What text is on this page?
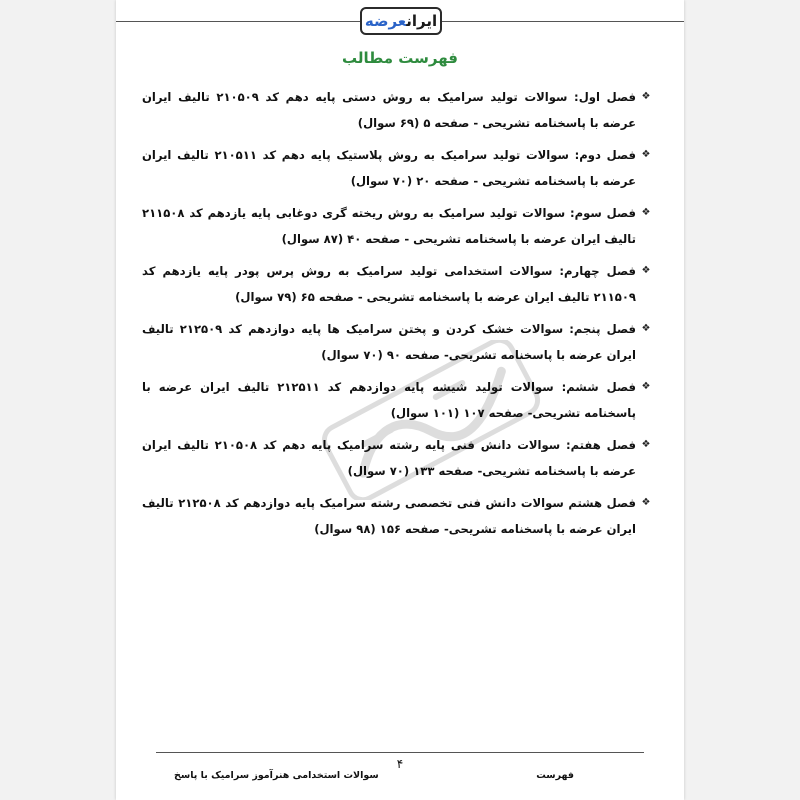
ایرانعرضه
فهرست مطالب
❖
فصل اول: سوالات تولید سرامیک به روش دستی پایه دهم کد ۲۱۰۵۰۹ تالیف ایران عرضه با پاسخنامه تشریحی - صفحه ۵ (۶۹ سوال)
❖
فصل دوم: سوالات تولید سرامیک به روش پلاستیک پایه دهم کد ۲۱۰۵۱۱ تالیف ایران عرضه با پاسخنامه تشریحی - صفحه ۲۰ (۷۰ سوال)
❖
فصل سوم: سوالات تولید سرامیک به روش ریخته گری دوغابی پایه یازدهم کد ۲۱۱۵۰۸ تالیف ایران عرضه با پاسخنامه تشریحی - صفحه ۴۰ (۸۷ سوال)
❖
فصل چهارم: سوالات استخدامی تولید سرامیک به روش پرس پودر پایه یازدهم کد ۲۱۱۵۰۹ تالیف ایران عرضه با پاسخنامه تشریحی - صفحه ۶۵ (۷۹ سوال)
❖
فصل پنجم: سوالات خشک کردن و پختن سرامیک ها پایه دوازدهم کد ۲۱۲۵۰۹ تالیف ایران عرضه با پاسخنامه تشریحی- صفحه ۹۰ (۷۰ سوال)
❖
فصل ششم: سوالات تولید شیشه پایه دوازدهم کد ۲۱۲۵۱۱ تالیف ایران عرضه با پاسخنامه تشریحی- صفحه ۱۰۷ (۱۰۱ سوال)
❖
فصل هفتم: سوالات دانش فنی پایه رشته سرامیک پایه دهم کد ۲۱۰۵۰۸ تالیف ایران عرضه با پاسخنامه تشریحی- صفحه ۱۳۳ (۷۰ سوال)
❖
فصل هشتم سوالات دانش فنی تخصصی رشته سرامیک پایه دوازدهم کد ۲۱۲۵۰۸ تالیف ایران عرضه با پاسخنامه تشریحی- صفحه ۱۵۶ (۹۸ سوال)
۴
سوالات استخدامی هنرآموز سرامیک با پاسخ	فهرست
